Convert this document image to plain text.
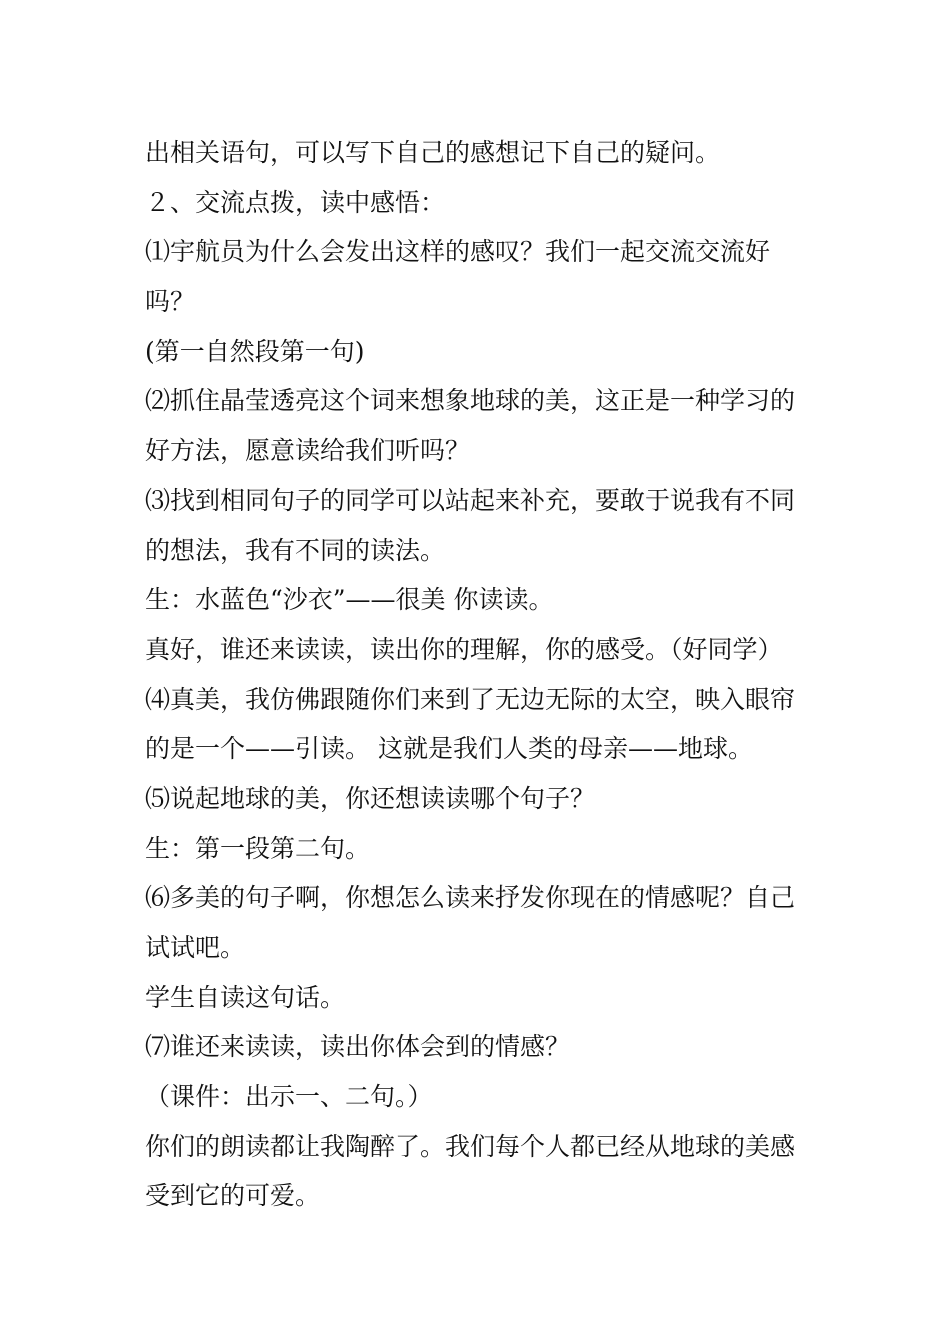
出相关语句，可以写下自己的感想记下自己的疑问。

２、交流点拨，读中感悟：

⑴宇航员为什么会发出这样的感叹？我们一起交流交流好

吗？

(第一自然段第一句)

⑵抓住晶莹透亮这个词来想象地球的美，这正是一种学习的

好方法，愿意读给我们听吗？

⑶找到相同句子的同学可以站起来补充，要敢于说我有不同

的想法，我有不同的读法。

生：水蓝色“沙衣”——很美 你读读。

真好，谁还来读读，读出你的理解，你的感受。（好同学）

⑷真美，我仿佛跟随你们来到了无边无际的太空，映入眼帘

的是一个——引读。 这就是我们人类的母亲——地球。

⑸说起地球的美，你还想读读哪个句子？

生：第一段第二句。

⑹多美的句子啊，你想怎么读来抒发你现在的情感呢？自己

试试吧。

学生自读这句话。

⑺谁还来读读，读出你体会到的情感？

（课件：出示一、二句。）

你们的朗读都让我陶醉了。我们每个人都已经从地球的美感

受到它的可爱。
